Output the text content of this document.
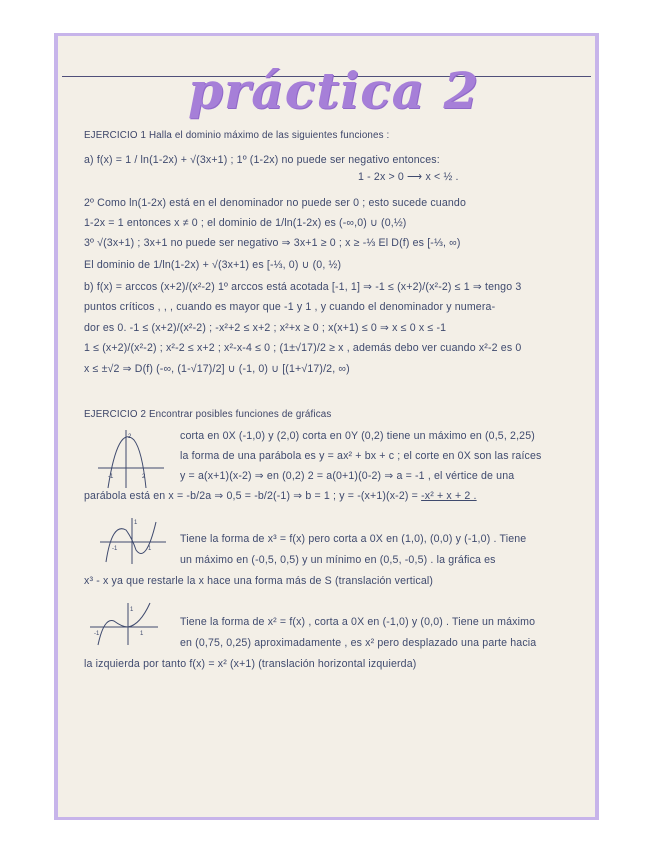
práctica 2
EJERCICIO 1 Halla el dominio máximo de las siguientes funciones :
a) f(x) = 1 / ln(1-2x) + √(3x+1) ; 1º (1-2x) no puede ser negativo entonces:
1 - 2x > 0 ⟶ x < ½ .
2º Como ln(1-2x) está en el denominador no puede ser 0 ; esto sucede cuando
1-2x = 1 entonces x ≠ 0 ; el dominio de 1/ln(1-2x) es (-∞,0) ∪ (0,½)
3º √(3x+1) ; 3x+1 no puede ser negativo ⇒ 3x+1 ≥ 0 ; x ≥ -⅓ El D(f) es [-⅓, ∞)
El dominio de 1/ln(1-2x) + √(3x+1) es [-⅓, 0) ∪ (0, ½)
b) f(x) = arccos (x+2)/(x²-2) 1º arccos está acotada [-1, 1] ⇒ -1 ≤ (x+2)/(x²-2) ≤ 1 ⇒ tengo 3
puntos críticos , , , cuando es mayor que -1 y 1 , y cuando el denominador y numera-
dor es 0. -1 ≤ (x+2)/(x²-2) ; -x²+2 ≤ x+2 ; x²+x ≥ 0 ; x(x+1) ≤ 0 ⇒ x ≤ 0 x ≤ -1
1 ≤ (x+2)/(x²-2) ; x²-2 ≤ x+2 ; x²-x-4 ≤ 0 ; (1±√17)/2 ≥ x , además debo ver cuando x²-2 es 0
x ≤ ±√2 ⇒ D(f) (-∞, (1-√17)/2] ∪ (-1, 0) ∪ [(1+√17)/2, ∞)
EJERCICIO 2 Encontrar posibles funciones de gráficas
-1	2
2	corta en 0X (-1,0) y (2,0) corta en 0Y (0,2) tiene un máximo en (0,5, 2,25)
la forma de una parábola es y = ax² + bx + c ; el corte en 0X son las raíces
y = a(x+1)(x-2) ⇒ en (0,2) 2 = a(0+1)(0-2) ⇒ a = -1 , el vértice de una
parábola está en x = -b/2a ⇒ 0,5 = -b/2(-1) ⇒ b = 1 ; y = -(x+1)(x-2) = -x² + x + 2 .
-1	1
1
Tiene la forma de x³ = f(x) pero corta a 0X en (1,0), (0,0) y (-1,0) . Tiene
un máximo en (-0,5, 0,5) y un mínimo en (0,5, -0,5) . la gráfica es
x³ - x ya que restarle la x hace una forma más de S (translación vertical)
-1	1
1
Tiene la forma de x² = f(x) , corta a 0X en (-1,0) y (0,0) . Tiene un máximo
en (0,75, 0,25) aproximadamente , es x² pero desplazado una parte hacia
la izquierda por tanto f(x) = x² (x+1) (translación horizontal izquierda)
